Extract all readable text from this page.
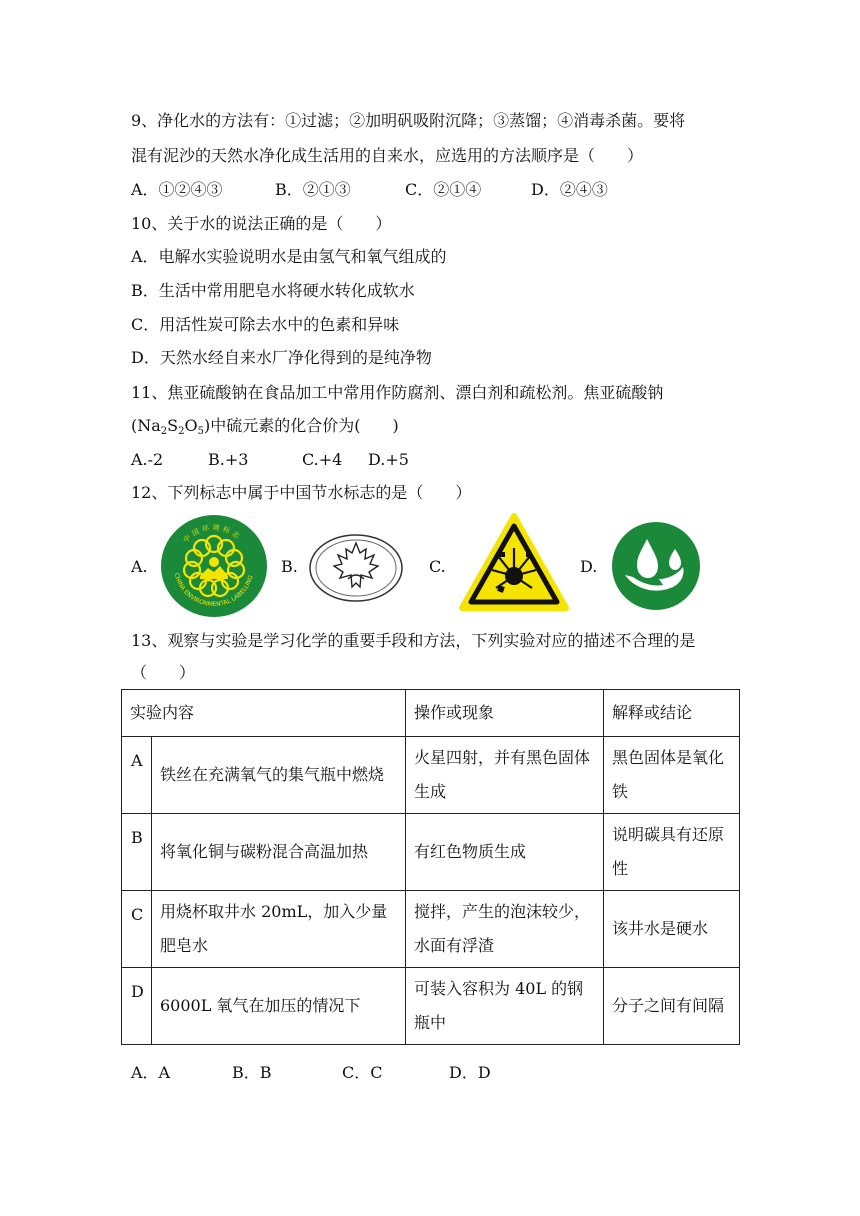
9、净化水的方法有：①过滤；②加明矾吸附沉降；③蒸馏；④消毒杀菌。要将
混有泥沙的天然水净化成生活用的自来水，应选用的方法顺序是（　　）
A．①②④③	B．②①③	C．②①④	D．②④③
10、关于水的说法正确的是（　　）
A．电解水实验说明水是由氢气和氧气组成的
B．生活中常用肥皂水将硬水转化成软水
C．用活性炭可除去水中的色素和异味
D．天然水经自来水厂净化得到的是纯净物
11、焦亚硫酸钠在食品加工中常用作防腐剂、漂白剂和疏松剂。焦亚硫酸钠
$(Na_2S_2O_5)$中硫元素的化合价为(　　)
A.-2	B.+3	C.+4 D.+5
12、下列标志中属于中国节水标志的是（　　）
A.
中国环境标志
CHINA ENVIRONMENTAL LABELLING
B.	C.	D.
13、观察与实验是学习化学的重要手段和方法，下列实验对应的描述不合理的是
（　　）
实验内容		操作或现象	解释或结论
A	铁丝在充满氧气的集气瓶中燃烧	火星四射，并有黑色固体生成	黑色固体是氧化铁
B	将氧化铜与碳粉混合高温加热	有红色物质生成	说明碳具有还原性
C	用烧杯取井水 20mL，加入少量肥皂水	搅拌，产生的泡沫较少，水面有浮渣	该井水是硬水
D	6000L 氧气在加压的情况下	可装入容积为 40L 的钢瓶中	分子之间有间隔
A．A	B．B	C．C	D．D
